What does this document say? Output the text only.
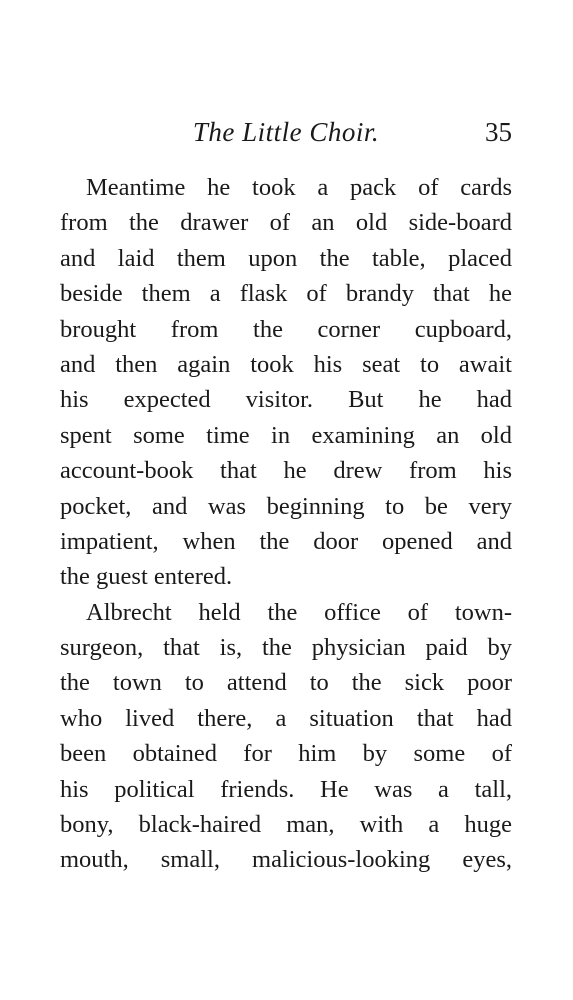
The Little Choir.	35
Meantime he took a pack of cards
from the drawer of an old side-board
and laid them upon the table, placed
beside them a flask of brandy that he
brought from the corner cupboard,
and then again took his seat to await
his expected visitor. But he had
spent some time in examining an old
account-book that he drew from his
pocket, and was beginning to be very
impatient, when the door opened and
the guest entered.
Albrecht held the office of town-
surgeon, that is, the physician paid by
the town to attend to the sick poor
who lived there, a situation that had
been obtained for him by some of
his political friends. He was a tall,
bony, black-haired man, with a huge
mouth, small, malicious-looking eyes,
